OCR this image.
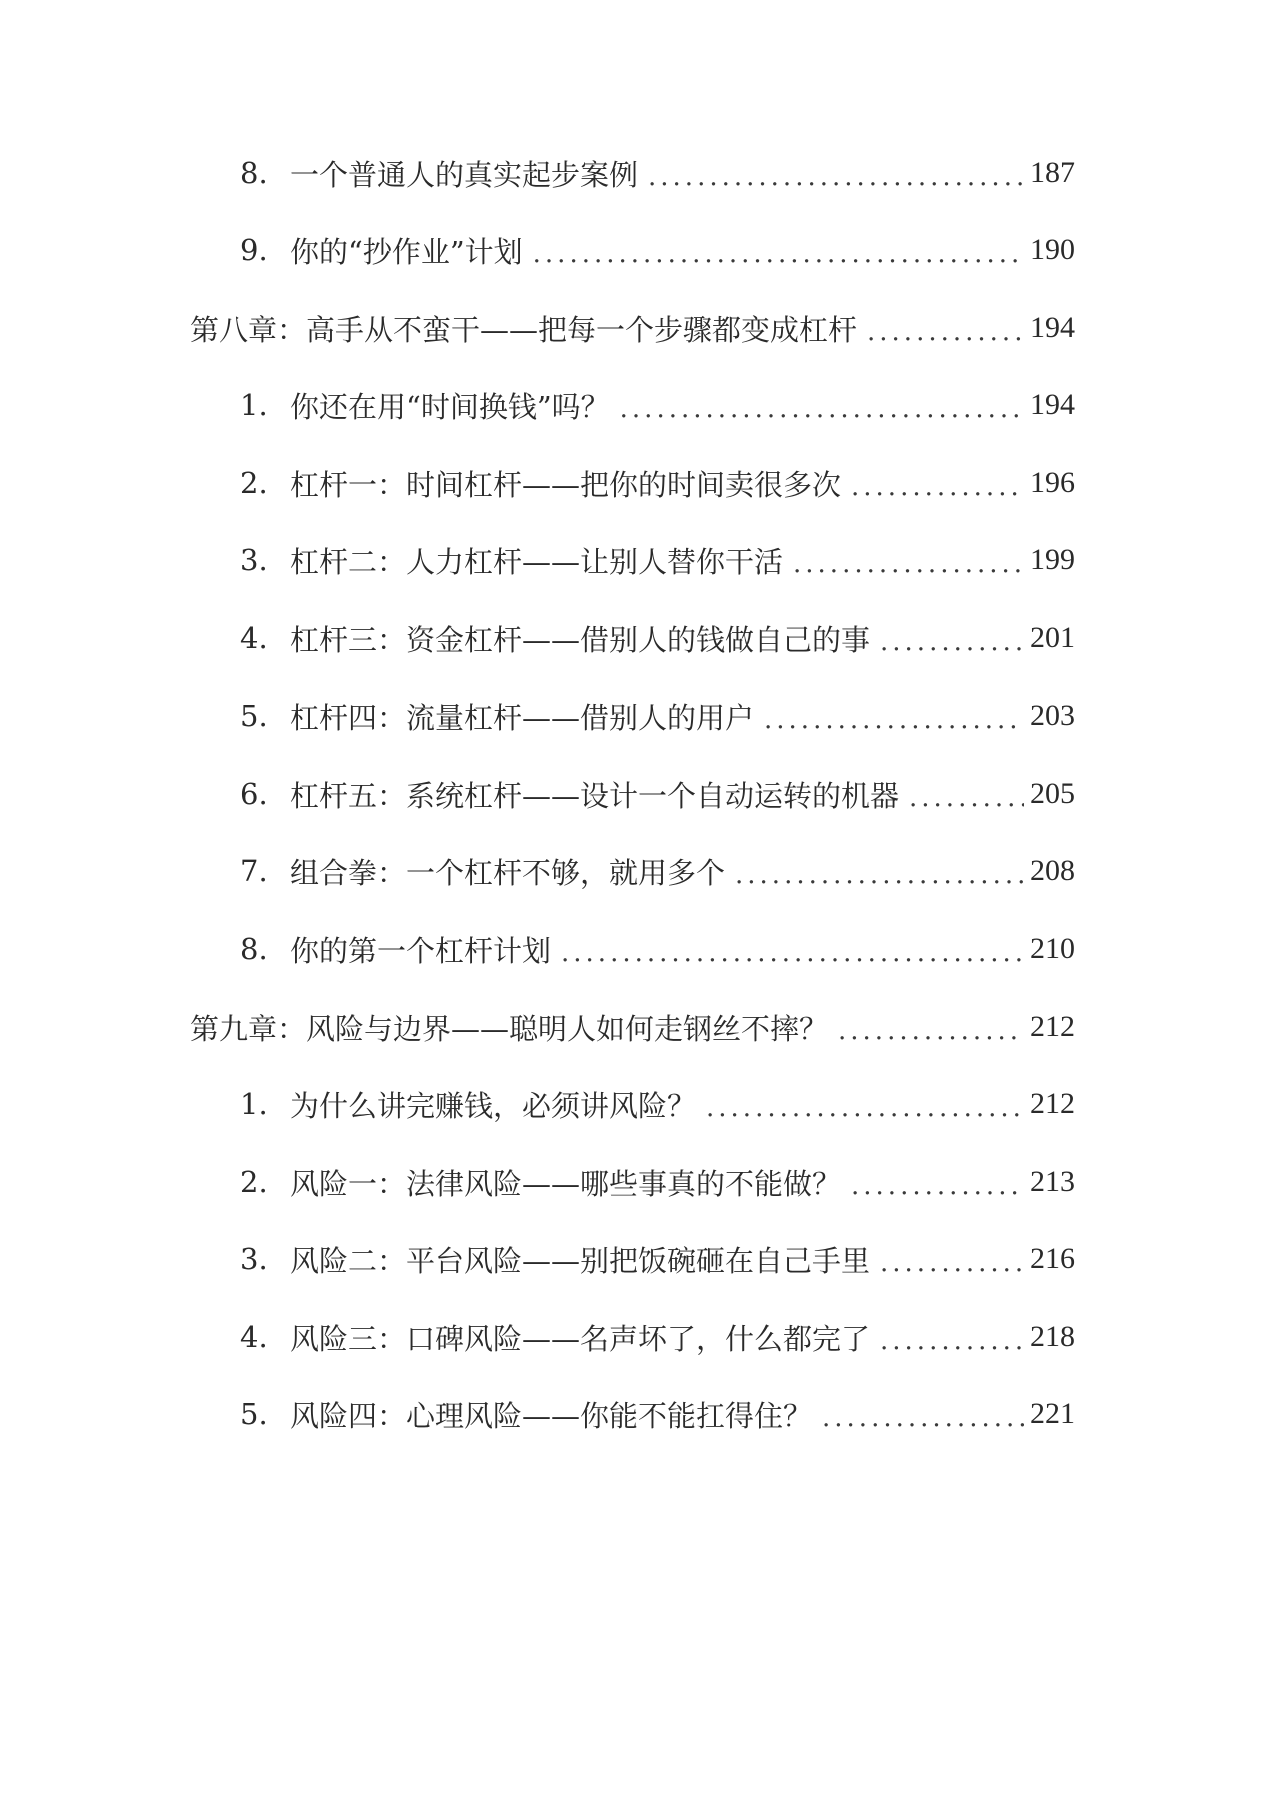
8. 一个普通人的真实起步案例 .....	187
9. 你的“抄作业”计划 .....	190
第八章：高手从不蛮干——把每一个步骤都变成杠杆 .....	194
1. 你还在用“时间换钱”吗？ .....	194
2. 杠杆一：时间杠杆——把你的时间卖很多次 .....	196
3. 杠杆二：人力杠杆——让别人替你干活 .....	199
4. 杠杆三：资金杠杆——借别人的钱做自己的事 .....	201
5. 杠杆四：流量杠杆——借别人的用户 .....	203
6. 杠杆五：系统杠杆——设计一个自动运转的机器 .....	205
7. 组合拳：一个杠杆不够，就用多个 .....	208
8. 你的第一个杠杆计划 .....	210
第九章：风险与边界——聪明人如何走钢丝不摔？ .....	212
1. 为什么讲完赚钱，必须讲风险？ .....	212
2. 风险一：法律风险——哪些事真的不能做？ .....	213
3. 风险二：平台风险——别把饭碗砸在自己手里 .....	216
4. 风险三：口碑风险——名声坏了，什么都完了 .....	218
5. 风险四：心理风险——你能不能扛得住？ .....	221
